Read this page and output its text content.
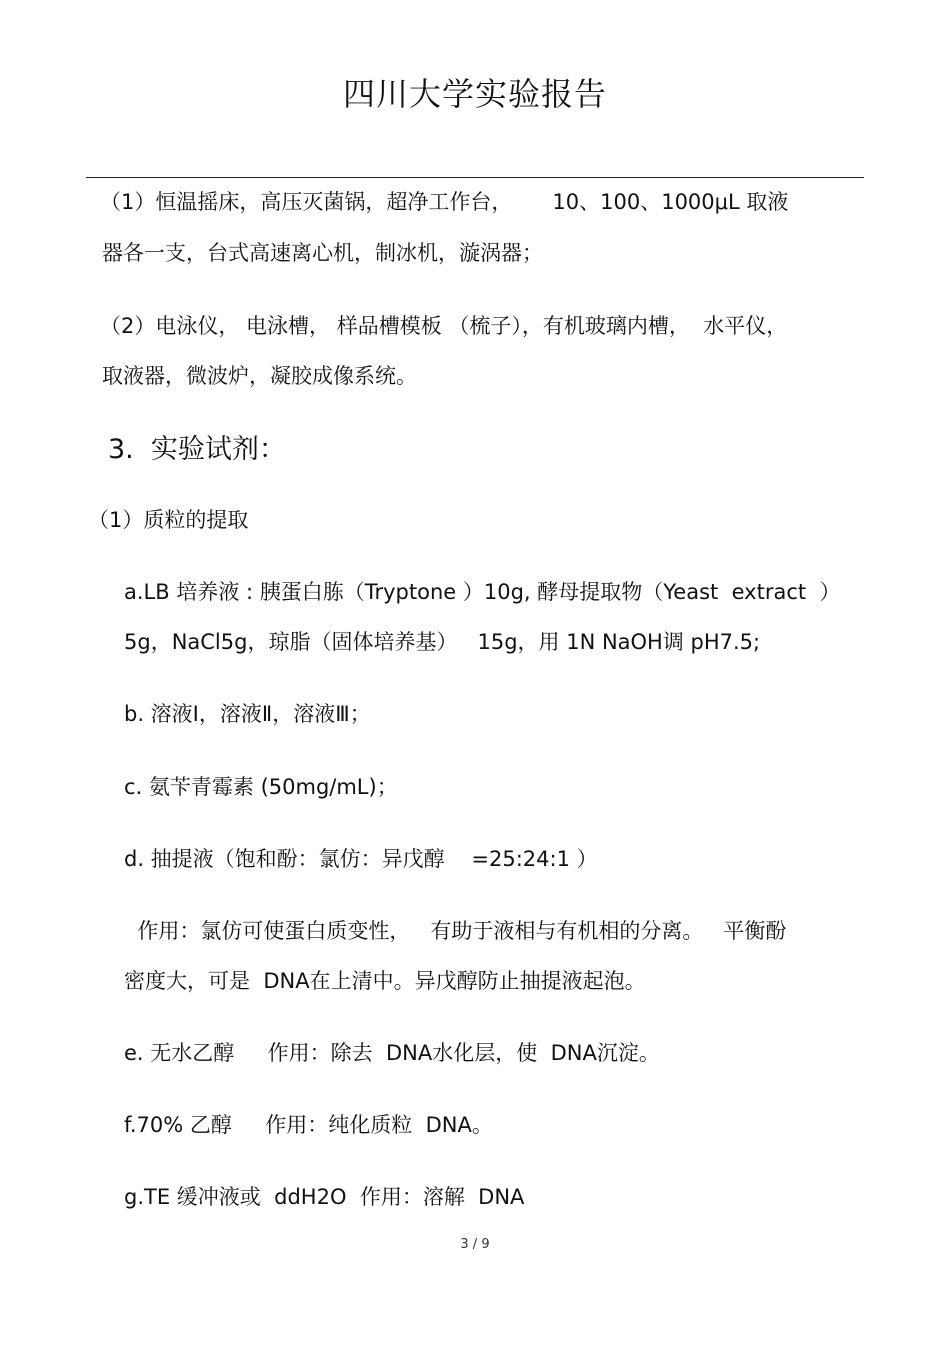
四川大学实验报告
（1）恒温摇床，高压灭菌锅，超净工作台，      10、100、1000μL 取液
器各一支，台式高速离心机，制冰机，漩涡器；
（2）电泳仪， 电泳槽， 样品槽模板 （梳子），有机玻璃内槽，  水平仪，
取液器，微波炉，凝胶成像系统。
3.  实验试剂：
（1）质粒的提取
a.LB 培养液 : 胰蛋白胨（Tryptone ）10g, 酵母提取物（Yeast  extract  ）
5g，NaCl5g，琼脂（固体培养基）   15g，用 1N NaOH调 pH7.5;
b. 溶液Ⅰ，溶液Ⅱ，溶液Ⅲ；
c. 氨苄青霉素 (50mg/mL)；
d. 抽提液（饱和酚：氯仿：异戊醇    =25:24:1 ）
作用：氯仿可使蛋白质变性，   有助于液相与有机相的分离。   平衡酚
密度大，可是  DNA在上清中。异戊醇防止抽提液起泡。
e. 无水乙醇     作用：除去  DNA水化层，使  DNA沉淀。
f.70% 乙醇     作用：纯化质粒  DNA。
g.TE 缓冲液或  ddH2O  作用：溶解  DNA
3 / 9
